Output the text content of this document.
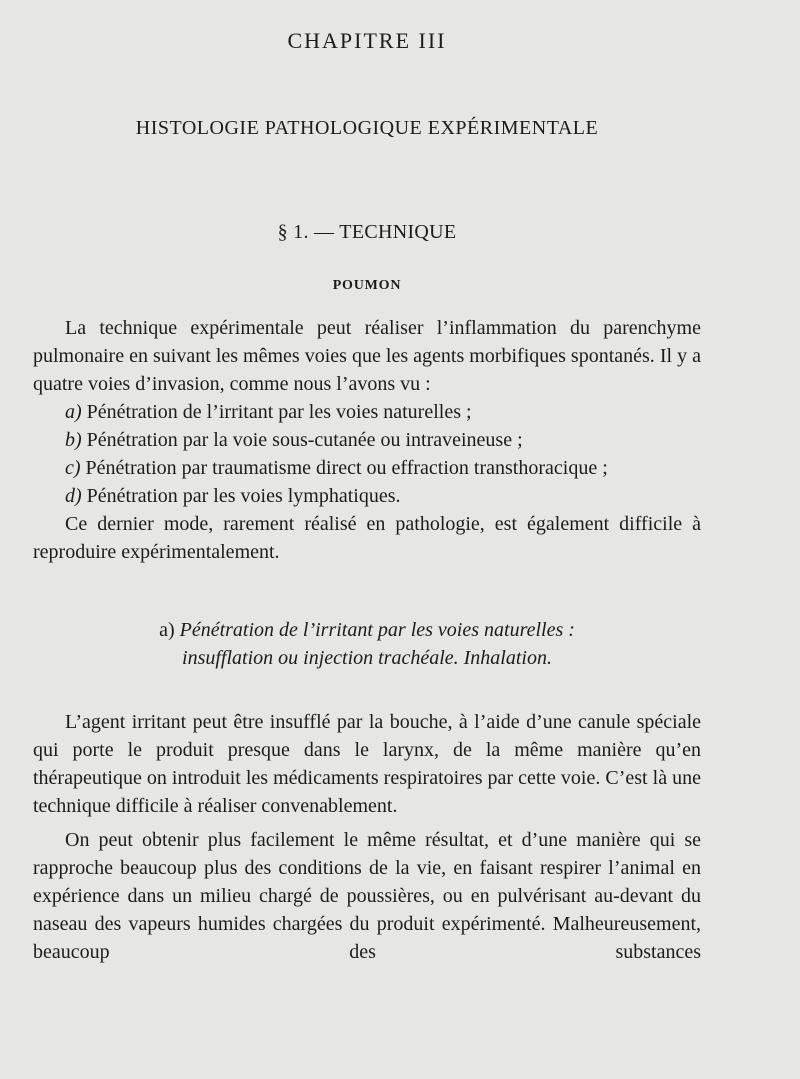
CHAPITRE III
HISTOLOGIE PATHOLOGIQUE EXPÉRIMENTALE
§ 1. — TECHNIQUE
POUMON

La technique expérimentale peut réaliser l’inflammation du parenchyme pulmonaire en suivant les mêmes voies que les agents morbifiques spontanés. Il y a quatre voies d’invasion, comme nous l’avons vu :

a) Pénétration de l’irritant par les voies naturelles ;

b) Pénétration par la voie sous-cutanée ou intraveineuse ;

c) Pénétration par traumatisme direct ou effraction transthoracique ;

d) Pénétration par les voies lymphatiques.

Ce dernier mode, rarement réalisé en pathologie, est également difficile à reproduire expérimentalement.

a) Pénétration de l’irritant par les voies naturelles :
insufflation ou injection trachéale. Inhalation.

L’agent irritant peut être insufflé par la bouche, à l’aide d’une canule spéciale qui porte le produit presque dans le larynx, de la même manière qu’en thérapeutique on introduit les médicaments respiratoires par cette voie. C’est là une technique difficile à réaliser convenablement.

On peut obtenir plus facilement le même résultat, et d’une manière qui se rapproche beaucoup plus des conditions de la vie, en faisant respirer l’animal en expérience dans un milieu chargé de poussières, ou en pulvérisant au-devant du naseau des vapeurs humides chargées du produit expérimenté. Malheureusement, beaucoup des substances
